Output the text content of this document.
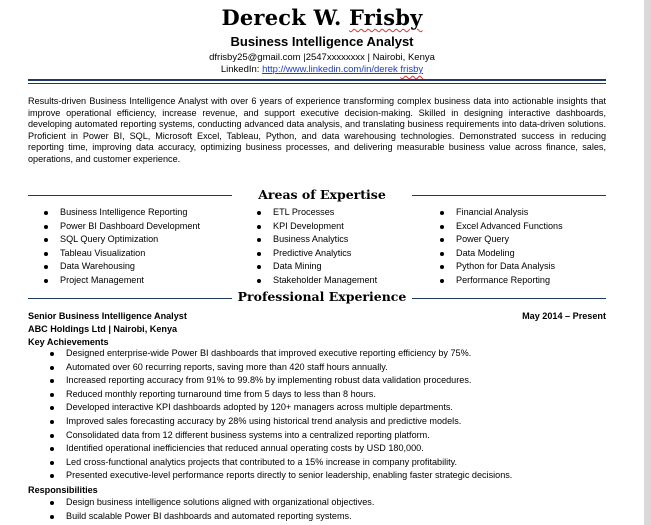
Dereck W. Frisby
Business Intelligence Analyst
dfrisby25@gmail.com |2547xxxxxxxx | Nairobi, Kenya
LinkedIn: http://www.linkedin.com/in/derek frisby
Results-driven Business Intelligence Analyst with over 6 years of experience transforming complex business data into actionable insights that improve operational efficiency, increase revenue, and support executive decision-making. Skilled in designing interactive dashboards, developing automated reporting systems, conducting advanced data analysis, and translating business requirements into data-driven solutions. Proficient in Power BI, SQL, Microsoft Excel, Tableau, Python, and data warehousing technologies. Demonstrated success in reducing reporting time, improving data accuracy, optimizing business processes, and delivering measurable business value across finance, sales, operations, and customer experience.
Areas of Expertise
Business Intelligence Reporting
Power BI Dashboard Development
SQL Query Optimization
Tableau Visualization
Data Warehousing
Project Management
ETL Processes
KPI Development
Business Analytics
Predictive Analytics
Data Mining
Stakeholder Management
Financial Analysis
Excel Advanced Functions
Power Query
Data Modeling
Python for Data Analysis
Performance Reporting
Professional Experience
Senior Business Intelligence Analyst	May 2014 – Present
ABC Holdings Ltd | Nairobi, Kenya
Key Achievements
Designed enterprise-wide Power BI dashboards that improved executive reporting efficiency by 75%.
Automated over 60 recurring reports, saving more than 420 staff hours annually.
Increased reporting accuracy from 91% to 99.8% by implementing robust data validation procedures.
Reduced monthly reporting turnaround time from 5 days to less than 8 hours.
Developed interactive KPI dashboards adopted by 120+ managers across multiple departments.
Improved sales forecasting accuracy by 28% using historical trend analysis and predictive models.
Consolidated data from 12 different business systems into a centralized reporting platform.
Identified operational inefficiencies that reduced annual operating costs by USD 180,000.
Led cross-functional analytics projects that contributed to a 15% increase in company profitability.
Presented executive-level performance reports directly to senior leadership, enabling faster strategic decisions.
Responsibilities
Design business intelligence solutions aligned with organizational objectives.
Build scalable Power BI dashboards and automated reporting systems.
